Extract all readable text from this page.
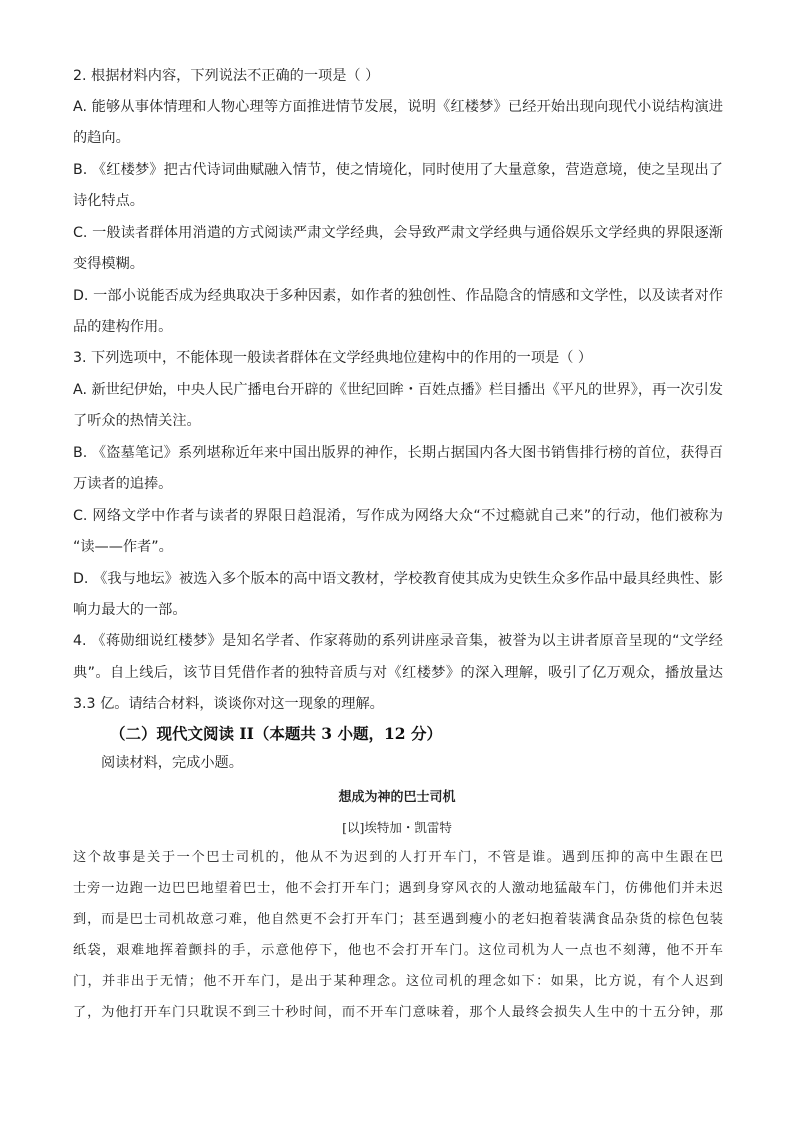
2. 根据材料内容，下列说法不正确的一项是（ ）
A. 能够从事体情理和人物心理等方面推进情节发展，说明《红楼梦》已经开始出现向现代小说结构演进
的趋向。
B. 《红楼梦》把古代诗词曲赋融入情节，使之情境化，同时使用了大量意象，营造意境，使之呈现出了
诗化特点。
C. 一般读者群体用消遣的方式阅读严肃文学经典，会导致严肃文学经典与通俗娱乐文学经典的界限逐渐
变得模糊。
D. 一部小说能否成为经典取决于多种因素，如作者的独创性、作品隐含的情感和文学性，以及读者对作
品的建构作用。
3. 下列选项中，不能体现一般读者群体在文学经典地位建构中的作用的一项是（ ）
A. 新世纪伊始，中央人民广播电台开辟的《世纪回眸・百姓点播》栏目播出《平凡的世界》，再一次引发
了听众的热情关注。
B. 《盗墓笔记》系列堪称近年来中国出版界的神作，长期占据国内各大图书销售排行榜的首位，获得百
万读者的追捧。
C. 网络文学中作者与读者的界限日趋混淆，写作成为网络大众“不过瘾就自己来”的行动，他们被称为
“读——作者”。
D. 《我与地坛》被选入多个版本的高中语文教材，学校教育使其成为史铁生众多作品中最具经典性、影
响力最大的一部。
4. 《蒋勋细说红楼梦》是知名学者、作家蒋勋的系列讲座录音集，被誉为以主讲者原音呈现的“文学经
典”。自上线后，该节目凭借作者的独特音质与对《红楼梦》的深入理解，吸引了亿万观众，播放量达
3.3 亿。请结合材料，谈谈你对这一现象的理解。
（二）现代文阅读 II（本题共 3 小题，12 分）
阅读材料，完成小题。
想成为神的巴士司机
[以]埃特加・凯雷特
这个故事是关于一个巴士司机的，他从不为迟到的人打开车门，不管是谁。遇到压抑的高中生跟在巴
士旁一边跑一边巴巴地望着巴士，他不会打开车门；遇到身穿风衣的人激动地猛敲车门，仿佛他们并未迟
到，而是巴士司机故意刁难，他自然更不会打开车门；甚至遇到瘦小的老妇抱着装满食品杂货的棕色包装
纸袋，艰难地挥着颤抖的手，示意他停下，他也不会打开车门。这位司机为人一点也不刻薄，他不开车
门，并非出于无情；他不开车门，是出于某种理念。这位司机的理念如下：如果，比方说，有个人迟到
了，为他打开车门只耽误不到三十秒时间，而不开车门意味着，那个人最终会损失人生中的十五分钟，那
